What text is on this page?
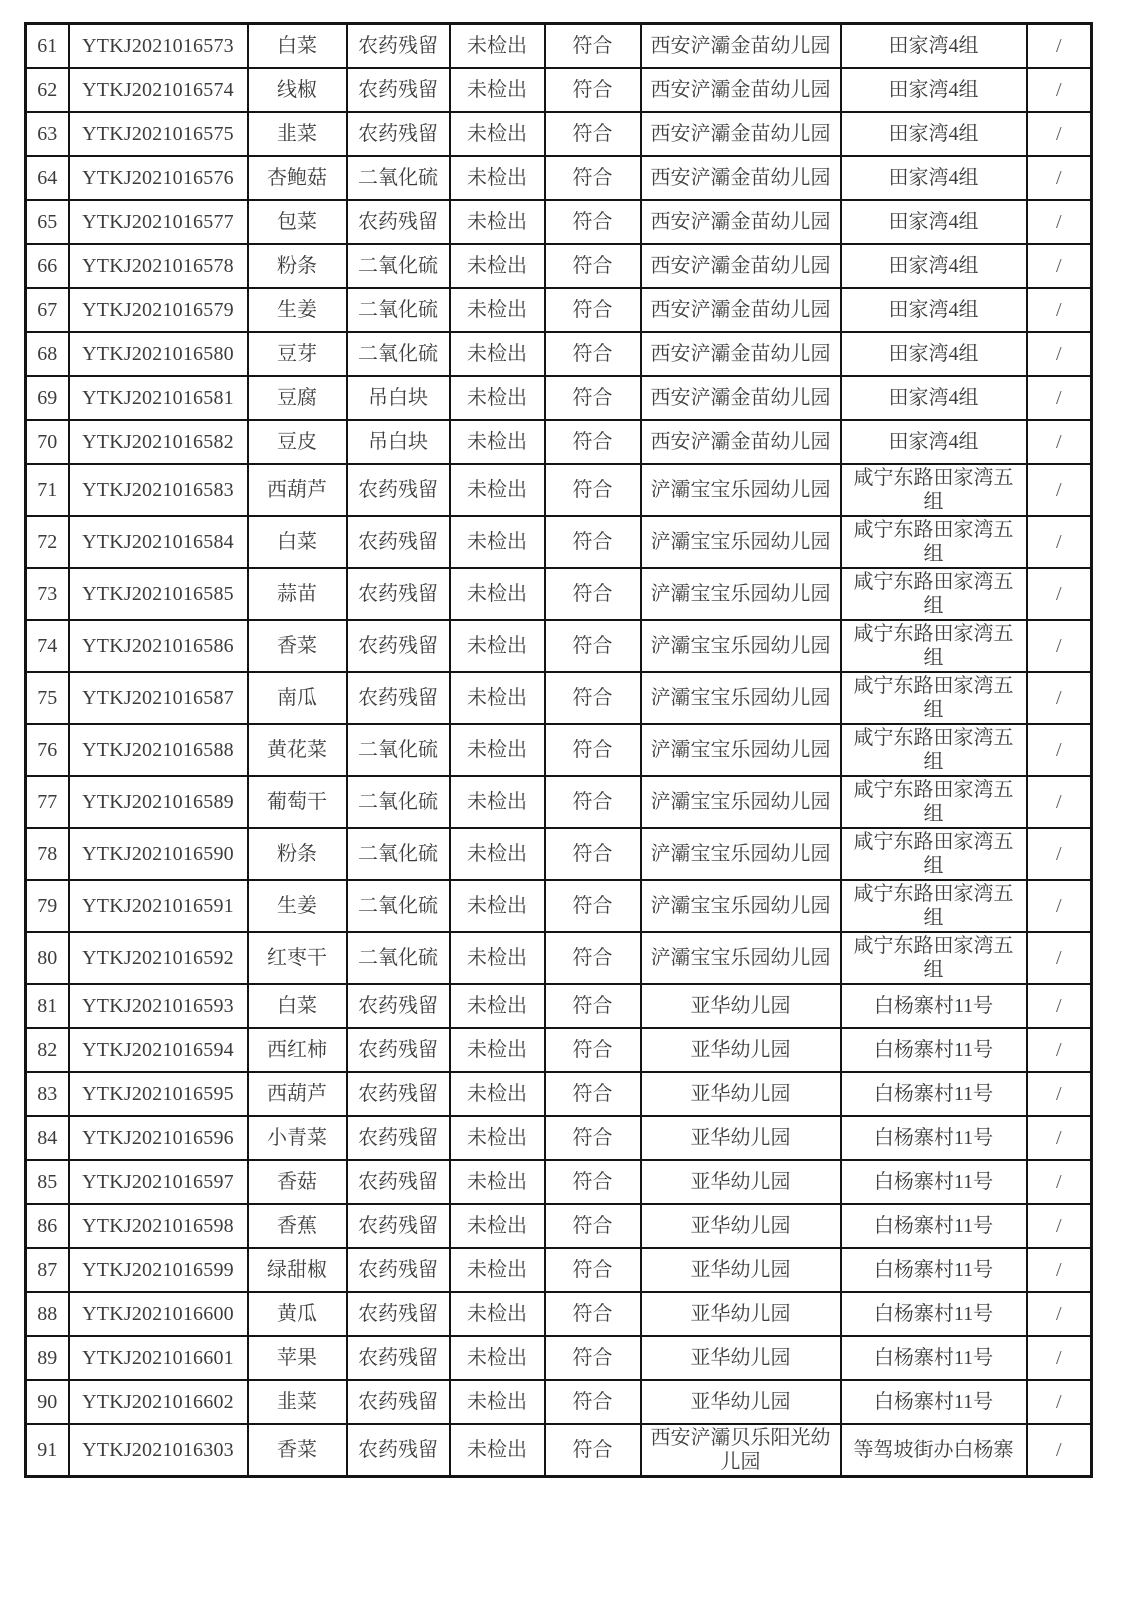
61	YTKJ2021016573	白菜	农药残留	未检出	符合	西安浐灞金苗幼儿园	田家湾4组	/
62	YTKJ2021016574	线椒	农药残留	未检出	符合	西安浐灞金苗幼儿园	田家湾4组	/
63	YTKJ2021016575	韭菜	农药残留	未检出	符合	西安浐灞金苗幼儿园	田家湾4组	/
64	YTKJ2021016576	杏鲍菇	二氧化硫	未检出	符合	西安浐灞金苗幼儿园	田家湾4组	/
65	YTKJ2021016577	包菜	农药残留	未检出	符合	西安浐灞金苗幼儿园	田家湾4组	/
66	YTKJ2021016578	粉条	二氧化硫	未检出	符合	西安浐灞金苗幼儿园	田家湾4组	/
67	YTKJ2021016579	生姜	二氧化硫	未检出	符合	西安浐灞金苗幼儿园	田家湾4组	/
68	YTKJ2021016580	豆芽	二氧化硫	未检出	符合	西安浐灞金苗幼儿园	田家湾4组	/
69	YTKJ2021016581	豆腐	吊白块	未检出	符合	西安浐灞金苗幼儿园	田家湾4组	/
70	YTKJ2021016582	豆皮	吊白块	未检出	符合	西安浐灞金苗幼儿园	田家湾4组	/
71	YTKJ2021016583	西葫芦	农药残留	未检出	符合	浐灞宝宝乐园幼儿园	咸宁东路田家湾五组	/
72	YTKJ2021016584	白菜	农药残留	未检出	符合	浐灞宝宝乐园幼儿园	咸宁东路田家湾五组	/
73	YTKJ2021016585	蒜苗	农药残留	未检出	符合	浐灞宝宝乐园幼儿园	咸宁东路田家湾五组	/
74	YTKJ2021016586	香菜	农药残留	未检出	符合	浐灞宝宝乐园幼儿园	咸宁东路田家湾五组	/
75	YTKJ2021016587	南瓜	农药残留	未检出	符合	浐灞宝宝乐园幼儿园	咸宁东路田家湾五组	/
76	YTKJ2021016588	黄花菜	二氧化硫	未检出	符合	浐灞宝宝乐园幼儿园	咸宁东路田家湾五组	/
77	YTKJ2021016589	葡萄干	二氧化硫	未检出	符合	浐灞宝宝乐园幼儿园	咸宁东路田家湾五组	/
78	YTKJ2021016590	粉条	二氧化硫	未检出	符合	浐灞宝宝乐园幼儿园	咸宁东路田家湾五组	/
79	YTKJ2021016591	生姜	二氧化硫	未检出	符合	浐灞宝宝乐园幼儿园	咸宁东路田家湾五组	/
80	YTKJ2021016592	红枣干	二氧化硫	未检出	符合	浐灞宝宝乐园幼儿园	咸宁东路田家湾五组	/
81	YTKJ2021016593	白菜	农药残留	未检出	符合	亚华幼儿园	白杨寨村11号	/
82	YTKJ2021016594	西红柿	农药残留	未检出	符合	亚华幼儿园	白杨寨村11号	/
83	YTKJ2021016595	西葫芦	农药残留	未检出	符合	亚华幼儿园	白杨寨村11号	/
84	YTKJ2021016596	小青菜	农药残留	未检出	符合	亚华幼儿园	白杨寨村11号	/
85	YTKJ2021016597	香菇	农药残留	未检出	符合	亚华幼儿园	白杨寨村11号	/
86	YTKJ2021016598	香蕉	农药残留	未检出	符合	亚华幼儿园	白杨寨村11号	/
87	YTKJ2021016599	绿甜椒	农药残留	未检出	符合	亚华幼儿园	白杨寨村11号	/
88	YTKJ2021016600	黄瓜	农药残留	未检出	符合	亚华幼儿园	白杨寨村11号	/
89	YTKJ2021016601	苹果	农药残留	未检出	符合	亚华幼儿园	白杨寨村11号	/
90	YTKJ2021016602	韭菜	农药残留	未检出	符合	亚华幼儿园	白杨寨村11号	/
91	YTKJ2021016303	香菜	农药残留	未检出	符合	西安浐灞贝乐阳光幼儿园	等驾坡街办白杨寨	/
